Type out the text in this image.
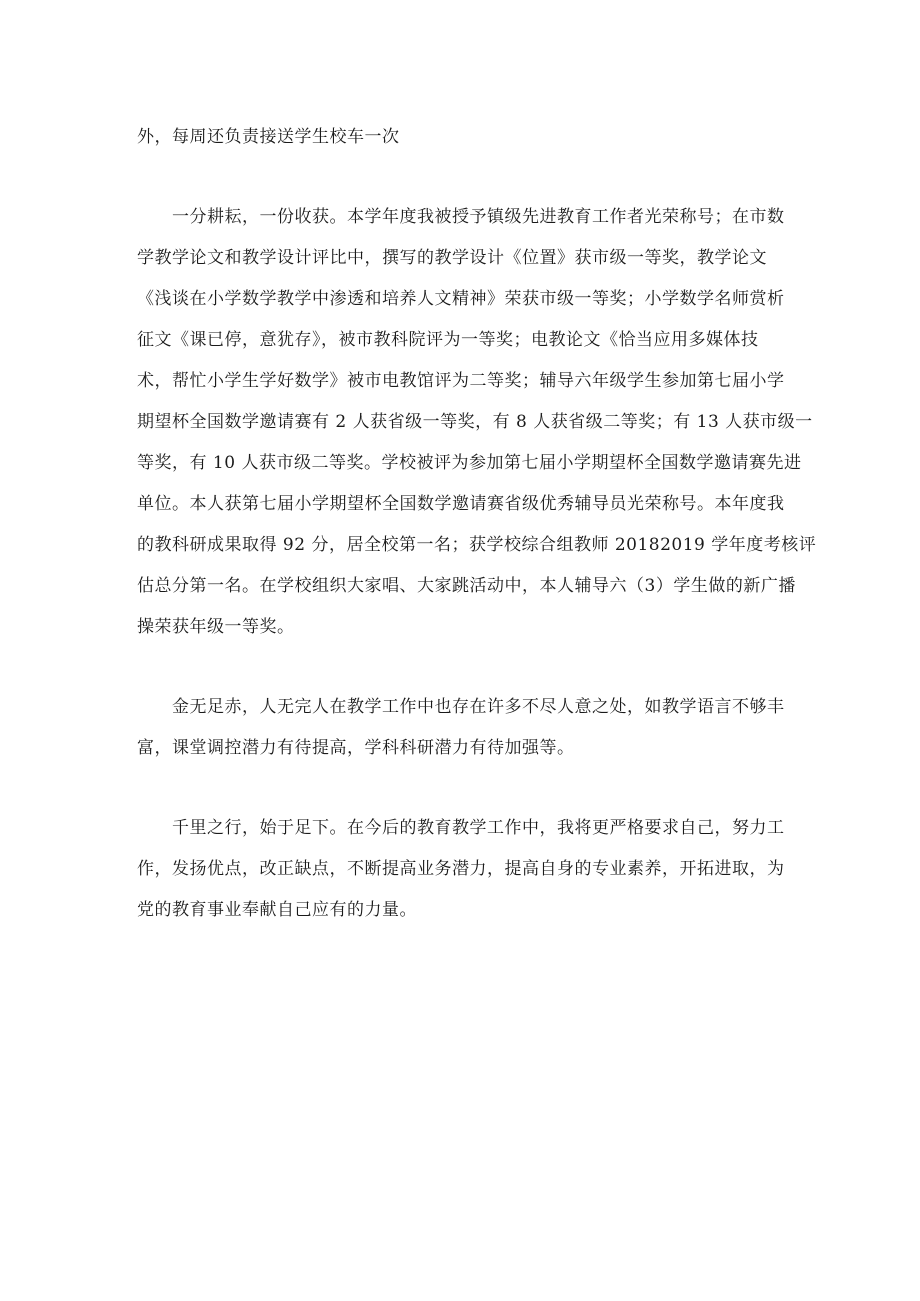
外，每周还负责接送学生校车一次
一分耕耘，一份收获。本学年度我被授予镇级先进教育工作者光荣称号；在市数
学教学论文和教学设计评比中，撰写的教学设计《位置》获市级一等奖，教学论文
《浅谈在小学数学教学中渗透和培养人文精神》荣获市级一等奖；小学数学名师赏析
征文《课已停，意犹存》，被市教科院评为一等奖；电教论文《恰当应用多媒体技
术，帮忙小学生学好数学》被市电教馆评为二等奖；辅导六年级学生参加第七届小学
期望杯全国数学邀请赛有 2 人获省级一等奖，有 8 人获省级二等奖；有 13 人获市级一
等奖，有 10 人获市级二等奖。学校被评为参加第七届小学期望杯全国数学邀请赛先进
单位。本人获第七届小学期望杯全国数学邀请赛省级优秀辅导员光荣称号。本年度我
的教科研成果取得 92 分，居全校第一名；获学校综合组教师 20182019 学年度考核评
估总分第一名。在学校组织大家唱、大家跳活动中，本人辅导六（3）学生做的新广播
操荣获年级一等奖。
金无足赤，人无完人在教学工作中也存在许多不尽人意之处，如教学语言不够丰
富，课堂调控潜力有待提高，学科科研潜力有待加强等。
千里之行，始于足下。在今后的教育教学工作中，我将更严格要求自己，努力工
作，发扬优点，改正缺点，不断提高业务潜力，提高自身的专业素养，开拓进取，为
党的教育事业奉献自己应有的力量。
